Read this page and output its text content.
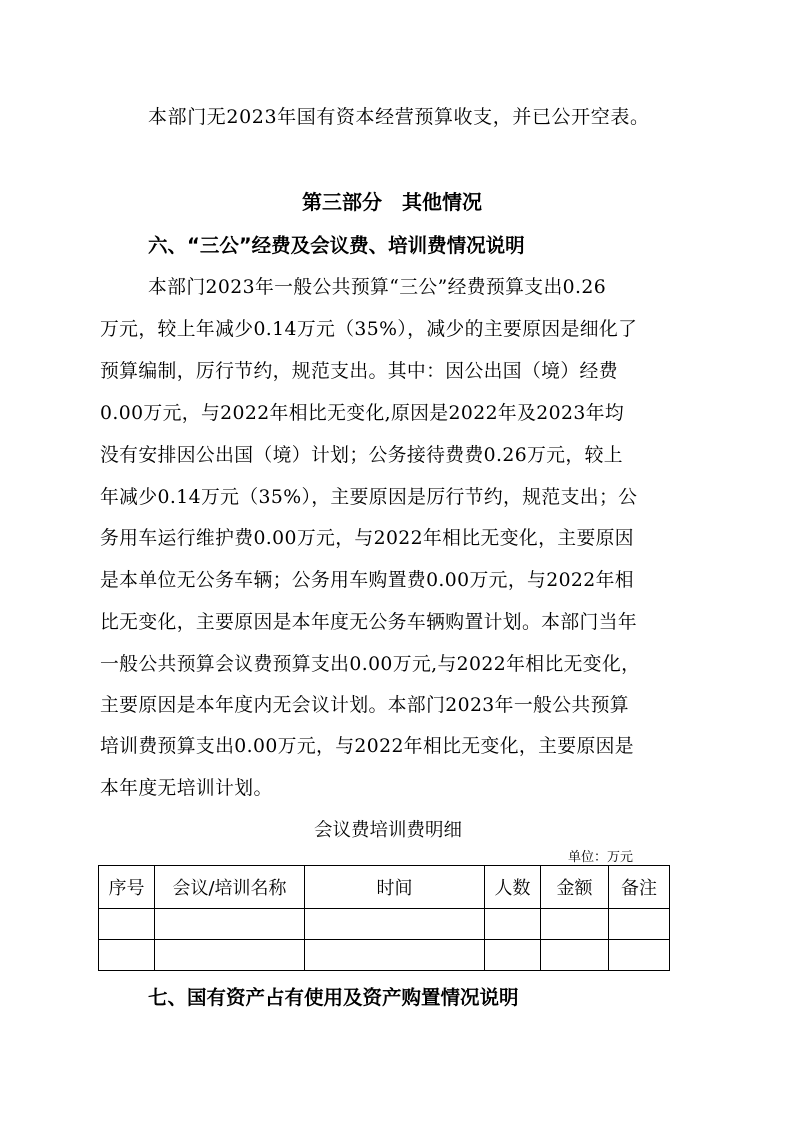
本部门无2023年国有资本经营预算收支，并已公开空表。
第三部分　其他情况
六、“三公”经费及会议费、培训费情况说明
本部门2023年一般公共预算“三公”经费预算支出0.26
万元，较上年减少0.14万元（35%），减少的主要原因是细化了
预算编制，厉行节约，规范支出。其中：因公出国（境）经费
0.00万元，与2022年相比无变化,原因是2022年及2023年均
没有安排因公出国（境）计划；公务接待费费0.26万元，较上
年减少0.14万元（35%），主要原因是厉行节约，规范支出；公
务用车运行维护费0.00万元，与2022年相比无变化，主要原因
是本单位无公务车辆；公务用车购置费0.00万元，与2022年相
比无变化，主要原因是本年度无公务车辆购置计划。本部门当年
一般公共预算会议费预算支出0.00万元,与2022年相比无变化，
主要原因是本年度内无会议计划。本部门2023年一般公共预算
培训费预算支出0.00万元，与2022年相比无变化，主要原因是
本年度无培训计划。
会议费培训费明细
单位：万元
序号	会议/培训名称	时间	人数	金额	备注

七、国有资产占有使用及资产购置情况说明
